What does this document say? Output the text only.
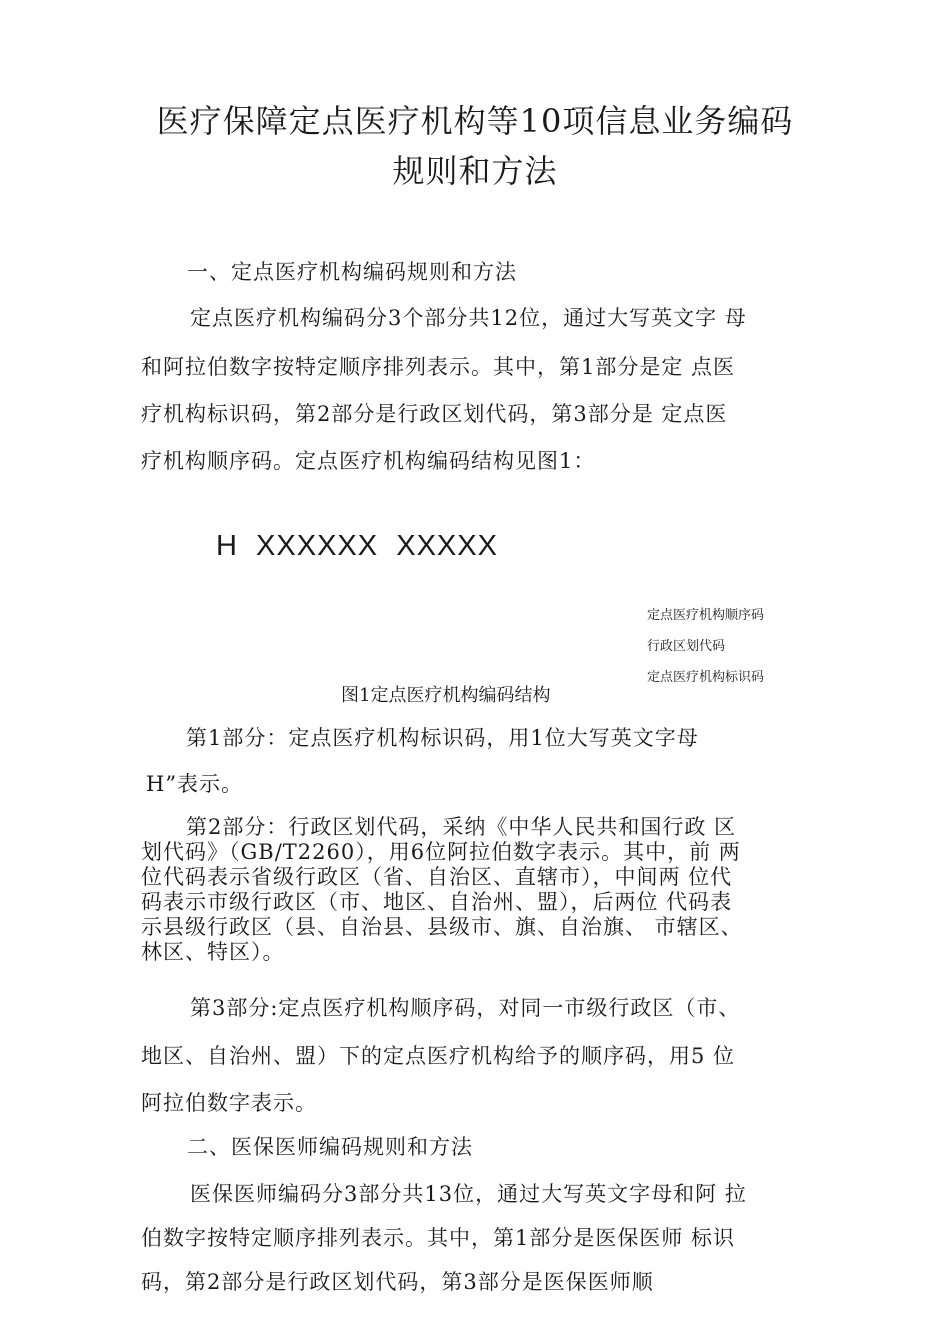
医疗保障定点医疗机构等10项信息业务编码
规则和方法
一、定点医疗机构编码规则和方法
定点医疗机构编码分3个部分共12位，通过大写英文字 母
和阿拉伯数字按特定顺序排列表示。其中，第1部分是定 点医
疗机构标识码，第2部分是行政区划代码，第3部分是 定点医
疗机构顺序码。定点医疗机构编码结构见图1：
H  XXXXXX  XXXXX
定点医疗机构顺序码
行政区划代码
定点医疗机构标识码
图1定点医疗机构编码结构
第1部分：定点医疗机构标识码，用1位大写英文字母
H”表示。
第2部分：行政区划代码，采纳《中华人民共和国行政 区
划代码》（GB/T2260），用6位阿拉伯数字表示。其中，前 两
位代码表示省级行政区（省、自治区、直辖市），中间两 位代
码表示市级行政区（市、地区、自治州、盟），后两位 代码表
示县级行政区（县、自治县、县级市、旗、自治旗、 市辖区、
林区、特区）。
第3部分:定点医疗机构顺序码，对同一市级行政区（市、
地区、自治州、盟）下的定点医疗机构给予的顺序码，用5 位
阿拉伯数字表示。
二、医保医师编码规则和方法
医保医师编码分3部分共13位，通过大写英文字母和阿 拉
伯数字按特定顺序排列表示。其中，第1部分是医保医师 标识
码，第2部分是行政区划代码，第3部分是医保医师顺
